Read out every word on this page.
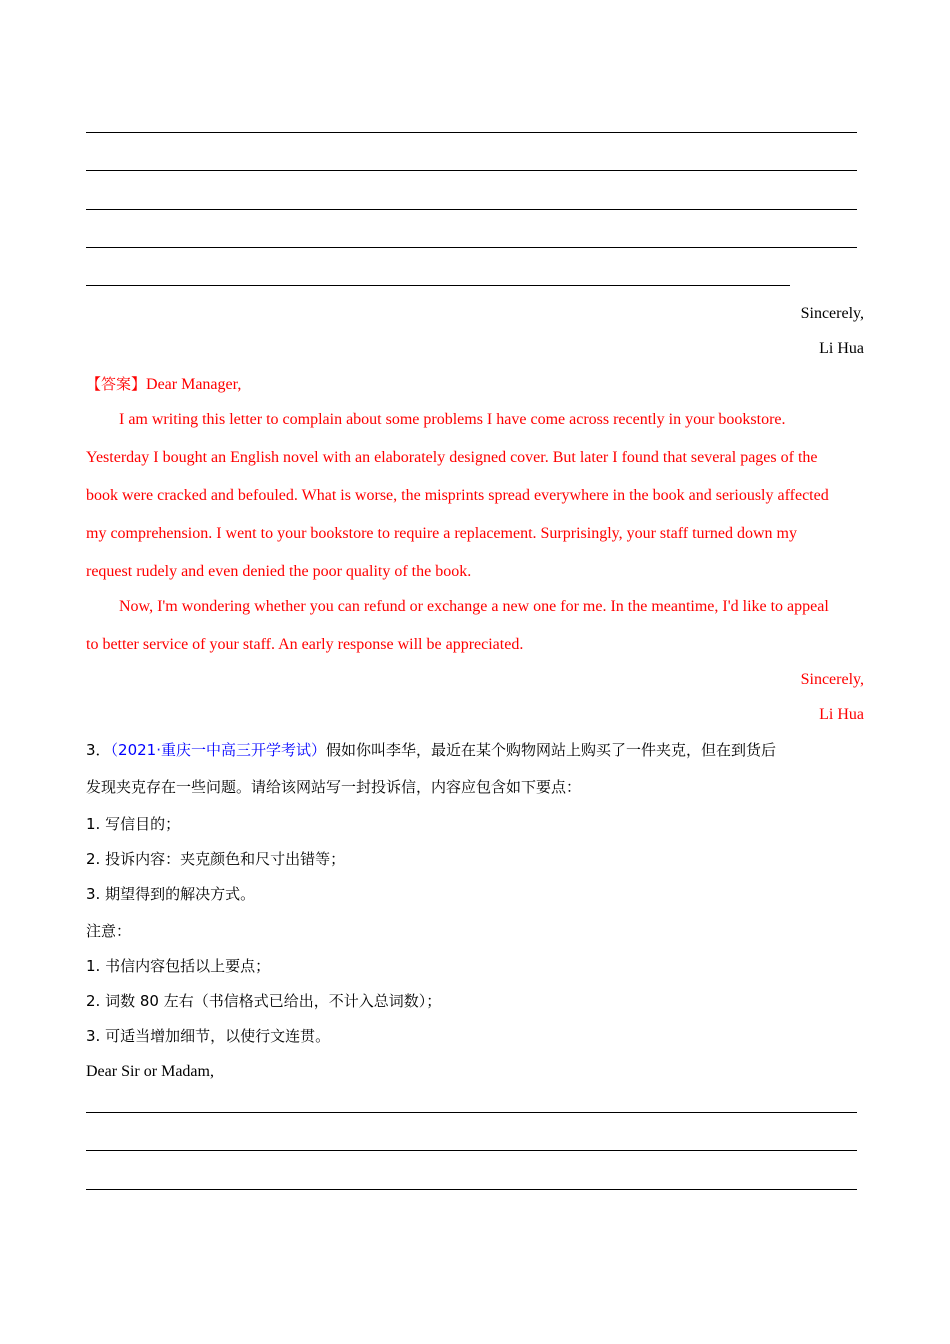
Sincerely,
Li Hua
【答案】Dear Manager,
I am writing this letter to complain about some problems I have come across recently in your bookstore.
Yesterday I bought an English novel with an elaborately designed cover. But later I found that several pages of the
book were cracked and befouled. What is worse, the misprints spread everywhere in the book and seriously affected
my comprehension. I went to your bookstore to require a replacement. Surprisingly, your staff turned down my
request rudely and even denied the poor quality of the book.
Now, I'm wondering whether you can refund or exchange a new one for me. In the meantime, I'd like to appeal
to better service of your staff. An early response will be appreciated.
Sincerely,
Li Hua
3．（2021·重庆一中高三开学考试）假如你叫李华，最近在某个购物网站上购买了一件夹克，但在到货后
发现夹克存在一些问题。请给该网站写一封投诉信，内容应包含如下要点：
1. 写信目的；
2. 投诉内容：夹克颜色和尺寸出错等；
3. 期望得到的解决方式。
注意：
1. 书信内容包括以上要点；
2. 词数 80 左右（书信格式已给出，不计入总词数）；
3. 可适当增加细节，以使行文连贯。
Dear Sir or Madam,
